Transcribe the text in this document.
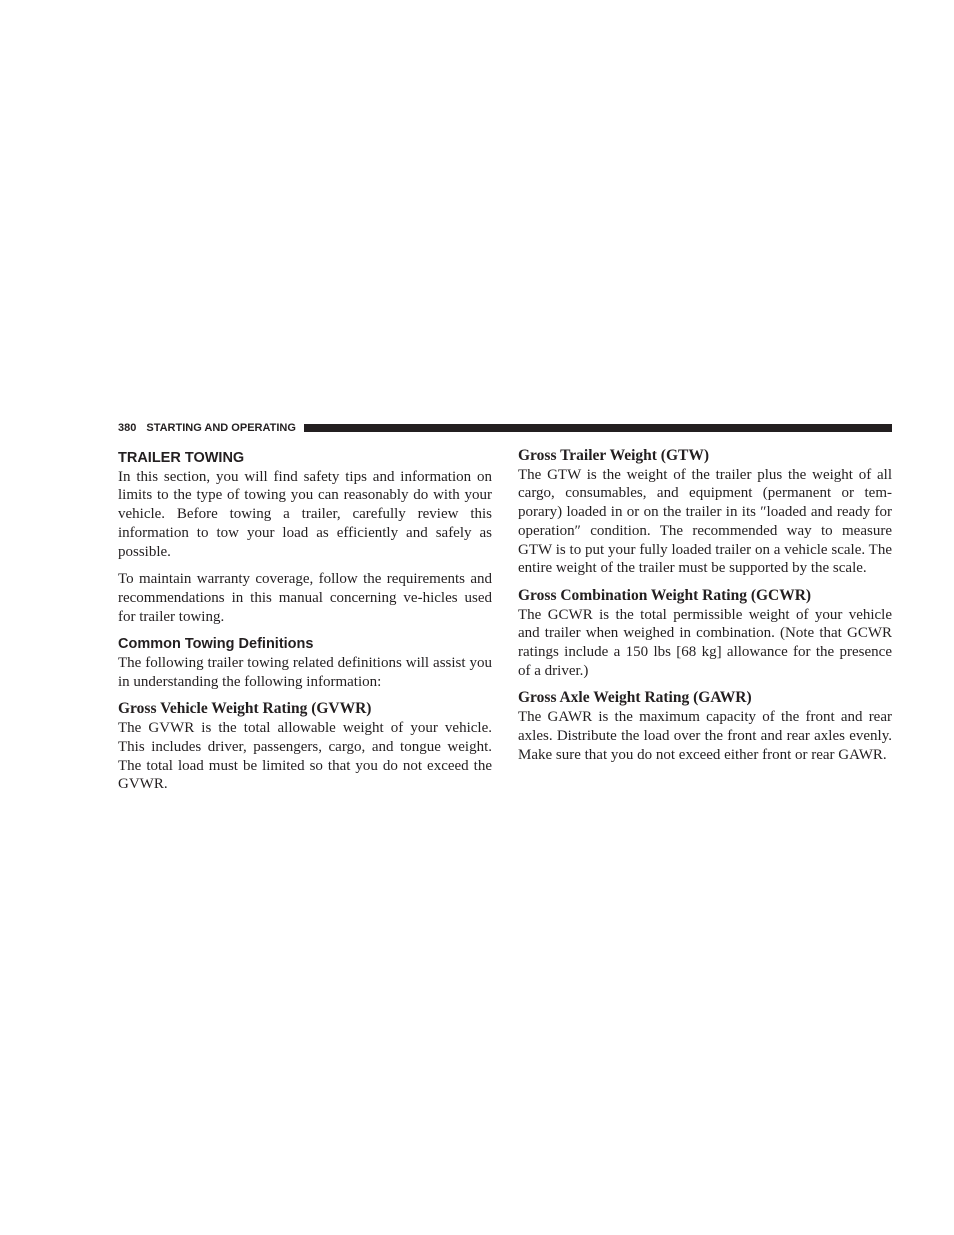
380 STARTING AND OPERATING
TRAILER TOWING

In this section, you will find safety tips and information on limits to the type of towing you can reasonably do with your vehicle. Before towing a trailer, carefully review this information to tow your load as efficiently and safely as possible.

To maintain warranty coverage, follow the requirements and recommendations in this manual concerning ve-hicles used for trailer towing.

Common Towing Definitions

The following trailer towing related definitions will assist you in understanding the following information:

Gross Vehicle Weight Rating (GVWR)

The GVWR is the total allowable weight of your vehicle. This includes driver, passengers, cargo, and tongue weight. The total load must be limited so that you do not exceed the GVWR.

Gross Trailer Weight (GTW)

The GTW is the weight of the trailer plus the weight of all cargo, consumables, and equipment (permanent or tem-porary) loaded in or on the trailer in its ″loaded and ready for operation″ condition. The recommended way to measure GTW is to put your fully loaded trailer on a vehicle scale. The entire weight of the trailer must be supported by the scale.

Gross Combination Weight Rating (GCWR)

The GCWR is the total permissible weight of your vehicle and trailer when weighed in combination. (Note that GCWR ratings include a 150 lbs [68 kg] allowance for the presence of a driver.)

Gross Axle Weight Rating (GAWR)

The GAWR is the maximum capacity of the front and rear axles. Distribute the load over the front and rear axles evenly. Make sure that you do not exceed either front or rear GAWR.
